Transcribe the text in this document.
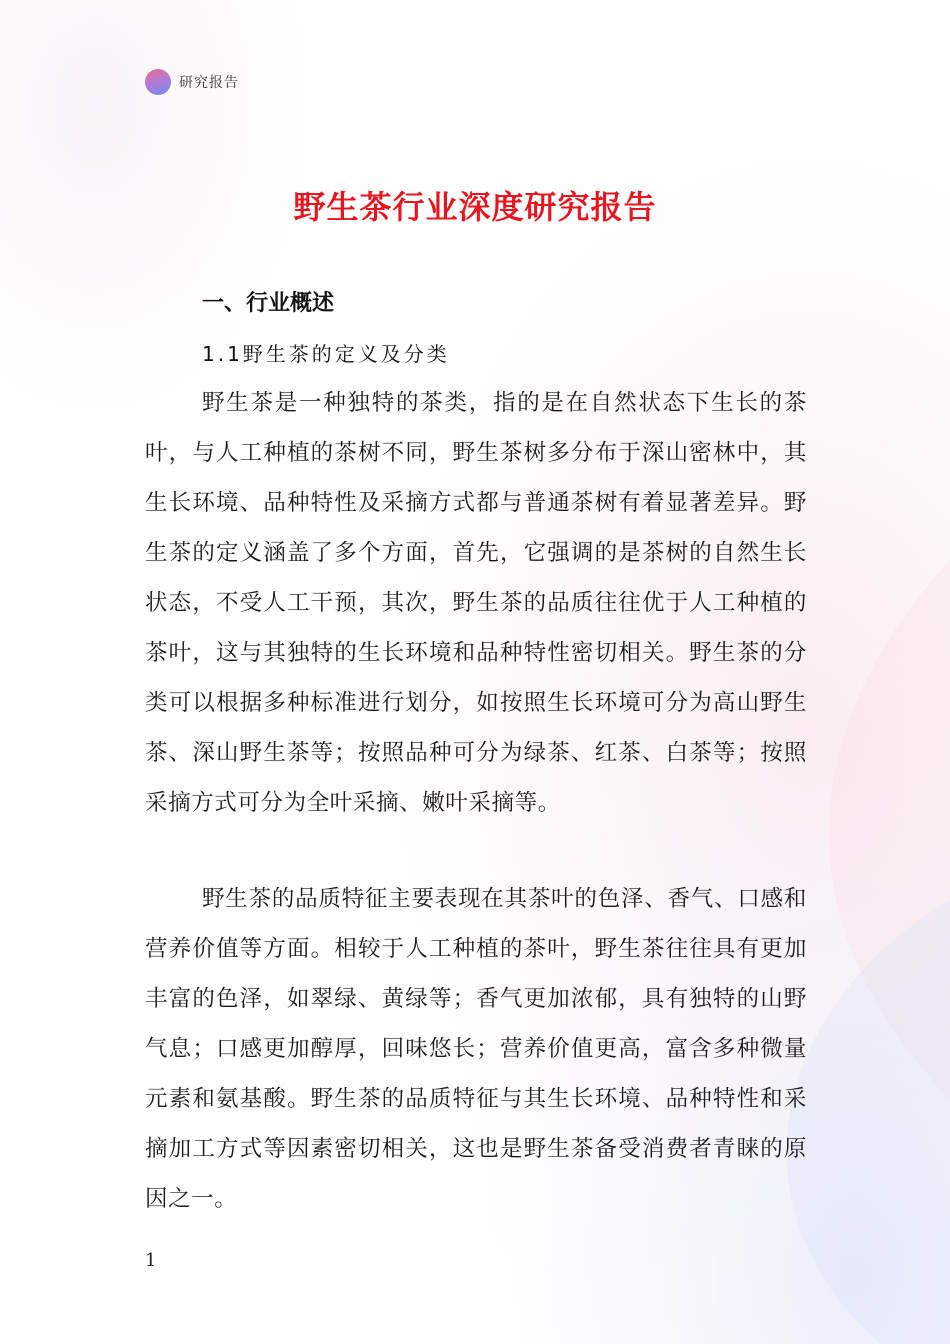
研究报告
野生茶行业深度研究报告
一、行业概述
1.1野生茶的定义及分类

野生茶是一种独特的茶类，指的是在自然状态下生长的茶叶，与人工种植的茶树不同，野生茶树多分布于深山密林中，其生长环境、品种特性及采摘方式都与普通茶树有着显著差异。野生茶的定义涵盖了多个方面，首先，它强调的是茶树的自然生长状态，不受人工干预，其次，野生茶的品质往往优于人工种植的茶叶，这与其独特的生长环境和品种特性密切相关。野生茶的分类可以根据多种标准进行划分，如按照生长环境可分为高山野生茶、深山野生茶等；按照品种可分为绿茶、红茶、白茶等；按照采摘方式可分为全叶采摘、嫩叶采摘等。

野生茶的品质特征主要表现在其茶叶的色泽、香气、口感和营养价值等方面。相较于人工种植的茶叶，野生茶往往具有更加丰富的色泽，如翠绿、黄绿等；香气更加浓郁，具有独特的山野气息；口感更加醇厚，回味悠长；营养价值更高，富含多种微量元素和氨基酸。野生茶的品质特征与其生长环境、品种特性和采摘加工方式等因素密切相关，这也是野生茶备受消费者青睐的原因之一。

1
